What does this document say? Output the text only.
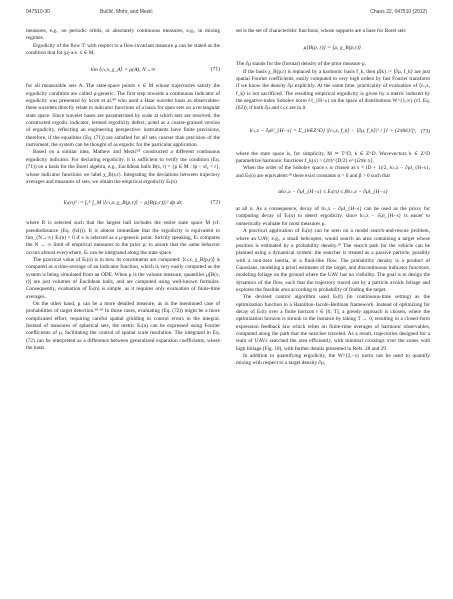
047510-30	Bučlić, Mohr, and Mezić	Chaos 22, 047510 (2012)

measures, e.g., on periodic orbits, or absolutely continuous measures, e.g., in mixing regimes.

Ergodicity of the flow Tᵗ with respect to a flow-invariant measure μ can be stated as the condition that for |μ|-a.e. x ∈ M,

lim ⟨cₜ,x, χ_A⟩ = μ(A), N→∞	(71)

for all measurable sets A. The state-space points x ∈ M whose trajectories satisfy the ergodicity condition are called μ-generic. The first step towards a continuous indicator of ergodicity was presented by Scott et al.⁴⁸ who used a Haar wavelet basis as observables: these wavelets directly relate to indicator functions of a basis for open sets on a rectangular state space. Since wavelet bases are parametrized by scale at which sets are resolved, the constructed ergodic indicator, termed ergodicity defect, acted as a coarse-grained version of ergodicity, reflecting an engineering perspective: instruments have finite precisions, therefore, if the equalities (Eq. (71)) are satisfied for all sets coarser than precision of the instrument, the system can be thought of as ergodic for the particular application.

Based on a similar idea, Mathew and Mezić²⁸ constructed a different continuous ergodicity indicator. For declaring ergodicity, it is sufficient to verify the condition (Eq. (71)) on a basis for the Borel algebra, e.g., Euclidean balls B(s, r) = {p ∈ M : ‖p − s‖₂ < r}, whose indicator functions we label χ_B(s,r). Integrating the deviations between trajectory averages and measures of sets, we obtain the empirical ergodicity Eₜ(n)

Eₜ(n)² := ∫₀ᴿ ∫_M |⟨cₜ,x, χ_B(p,r)⟩ − μ[B(p,r)]|² dp dr,	(72)

where R is selected such that the largest ball includes the entire state space M (cf. pseudodistance (Eq. (64))). It is almost immediate that the ergodicity is equivalent to lim_{N→∞} Eₜ(n) = 0 if x is selected as a μ-generic point. Strictly speaking, Eₜ compares the N → ∞ limit of empirical measures to the prior μ; to assure that the same behavior occurs almost everywhere, Eₜ can be integrated along the state space.

The practical value of Eₜ(n) is in how its constituents are computed: ⟨cₜ,x, χ_B(p,r)⟩ is computed as a time-average of an indicator function, which is very easily computed as the system is being simulated from an ODE. When μ is the volume measure, quantities μ[B(x, r)] are just volumes of Euclidean balls, and are computed using well-known formulas. Consequently, evaluation of Eₜ(n) is simple, as it requires only evaluation of finite-time averages.

On the other hand, μ can be a more detailed measure, as in the mentioned case of probabilities of target detection.²⁸·²⁹ In those cases, evaluating (Eq. (72)) might be a more complicated effort, requiring careful spatial gridding to control errors in the integral. Instead of measures of spherical sets, the metric Eₜ(n) can be expressed using Fourier coefficients of μ, facilitating the control of spatial scale resolution. The integrand in Eq. (72) can be interpreted as a difference between generalized expansion coefficients, where the basis

set is the set of characteristic functions, whose supports are a base for Borel sets

μ[B(p, r)] = ⟨μ, χ_B(p,r)⟩.

The ∂μ stands for the (formal) density of the prior measure μ.

If the basis χ_B(p,r) is replaced by a harmonic basis f_k, then μ̂(k) := ⟨∂μ, f_k⟩ are just spatial Fourier coefficients, easily computed to very high orders by fast Fourier transform if we know the density ∂μ explicitly. At the same time, practicality of evaluation of ⟨cₜ,x, f_k⟩ is not sacrificed. The resulting empirical ergodicity is given by a metric induced by the negative-index Sobolev norm ‖·‖_{H−s} on the space of distributions W^{1,∞} (cf. Eq. (62)), if both ∂μ and cₜ,x are in it.

‖cₜ,x − ∂μ‖²_{H−s} = Σ_{k∈Z^D} |⟨cₜ,x, f_k⟩ − ⟨∂μ, f_k⟩|² / [1 + (2π‖k‖)²]ˢ, (73)

where the state space is, for simplicity, M ≃ T^D, k ∈ Z^D. Wavevectors k ∈ Z^D parametrize harmonic functions f_k(x) = (2π)^{D/2} e^{i2πk·x}.

When the order of the Sobolev space s is chosen as s = (D + 1)/2, ‖cₜ,x − ∂μ‖_{H−s}, and Eₜ(n) are equivalent:²⁹ there exist constants α > 0 and β > 0 such that

α‖cₜ,x − ∂μ‖_{H−s} ≤ Eₜ(n) ≤ β‖cₜ,x − ∂μ‖_{H−s}

at all n. As a consequence, decay of ‖cₜ,x − ∂μ‖_{H−s} can be used as the proxy for computing decay of Eₜ(n) to detect ergodicity, since ‖cₜ,x − ∂μ‖_{H−s} is easier to numerically evaluate for most measures μ.

A practical application of Eₜ(n) can be seen on a model search-and-rescue problem, where an UAV, e.g., a small helicopter, would search an area containing a target whose position is estimated by a probability density.²⁹ The search path for the vehicle can be planned using a dynamical system: the searcher is treated as a passive particle, possibly with a non-zero inertia, in a fluid-like flow. The probability density is a product of Gaussians, modeling a priori estimates of the target, and discontinuous indicator functions, modeling foliage on the ground where the UAV has no visibility. The goal is to design the dynamics of the flow, such that the trajectory traced out by a particle avoids foliage and explores the feasible area according to probability of finding the target.

The devised control algorithm used Eₜ(t) (in continuous-time setting) as the optimization function in a Hamilton-Jacobi-Bellman framework. Instead of optimizing for decay of Eₜ(t) over a finite horizon t ∈ [0, T], a greedy approach is chosen, where the optimization horizon is shrunk to the instance by taking T → 0, resulting in a closed-form expression feedback law which relies on finite-time averages of harmonic observables, computed along the path that the searcher traveled. As a result, trajectories designed for a team of UAVs searched the area efficiently, with minimal crossings over the zones with high foliage (Fig. 18), with further details presented in Refs. 28 and 29.

In addition to quantifying ergodicity, the W^{2,−s} norm can be used to quantify mixing with respect to a target density ∂μ,
